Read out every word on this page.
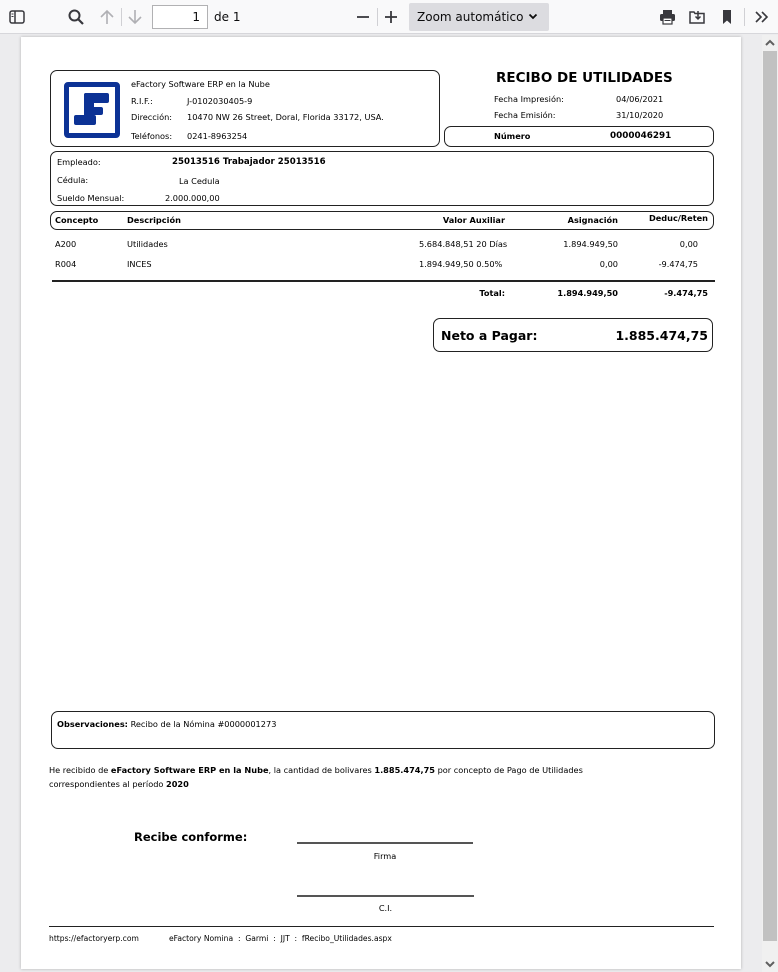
1	de 1	Zoom automático
eFactory Software ERP en la Nube
R.I.F.:	J-0102030405-9
Dirección: 10470 NW 26 Street, Doral, Florida 33172, USA.
Teléfonos: 0241-8963254
RECIBO DE UTILIDADES
Fecha Impresión:	04/06/2021
Fecha Emisión:	31/10/2020
Número	0000046291
Empleado:	25013516 Trabajador 25013516
Cédula:	La Cedula
Sueldo Mensual:	2.000.000,00
Concepto	Descripción	Valor Auxiliar	Asignación	Deduc/Reten
A200	Utilidades	5.684.848,51 20 Días	1.894.949,50	0,00
R004	INCES	1.894.949,50 0.50%	0,00	-9.474,75
Total:	1.894.949,50	-9.474,75
Neto a Pagar:	1.885.474,75
Observaciones: Recibo de la Nómina #0000001273
He recibido de eFactory Software ERP en la Nube, la cantidad de bolivares 1.885.474,75 por concepto de Pago de Utilidades
correspondientes al período 2020
Recibe conforme:
Firma
C.I.
https://efactoryerp.com	eFactory Nomina  :  Garmi  :  JJT  :  fRecibo_Utilidades.aspx
